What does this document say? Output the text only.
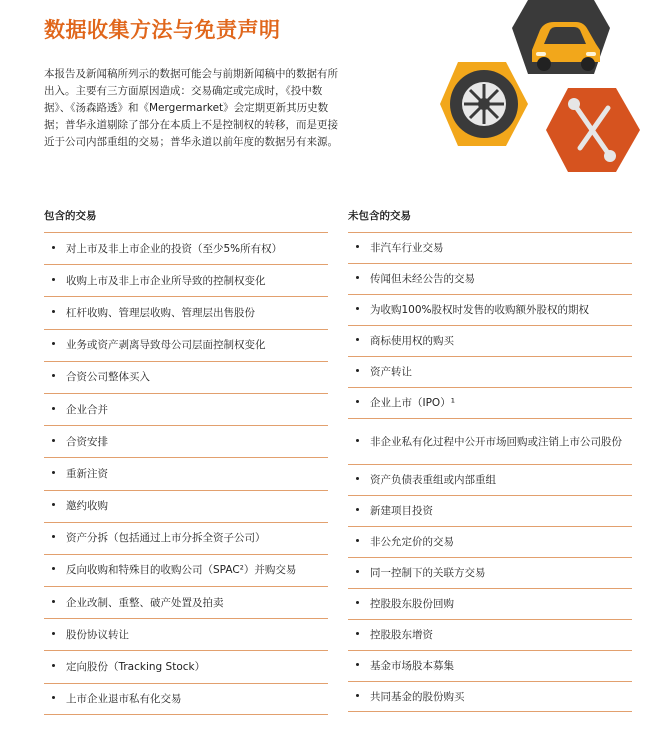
数据收集方法与免责声明
本报告及新闻稿所列示的数据可能会与前期新闻稿中的数据有所出入。主要有三方面原因造成：交易确定或完成时，《投中数据》、《汤森路透》和《Mergermarket》会定期更新其历史数据；普华永道剔除了部分在本质上不是控制权的转移，而是更接近于公司内部重组的交易；普华永道以前年度的数据另有来源。
包含的交易	未包含的交易
对上市及非上市企业的投资（至少5%所有权）
收购上市及非上市企业所导致的控制权变化
杠杆收购、管理层收购、管理层出售股份
业务或资产剥离导致母公司层面控制权变化
合资公司整体买入
企业合并
合资安排
重新注资
邀约收购
资产分拆（包括通过上市分拆全资子公司）
反向收购和特殊目的收购公司（SPAC²）并购交易
企业改制、重整、破产处置及拍卖
股份协议转让
定向股份（Tracking Stock）
上市企业退市私有化交易
非汽车行业交易
传闻但未经公告的交易
为收购100%股权时发售的收购额外股权的期权
商标使用权的购买
资产转让
企业上市（IPO）¹
非企业私有化过程中公开市场回购或注销上市公司股份
资产负债表重组或内部重组
新建项目投资
非公允定价的交易
同一控制下的关联方交易
控股股东股份回购
控股股东增资
基金市场股本募集
共同基金的股份购买
